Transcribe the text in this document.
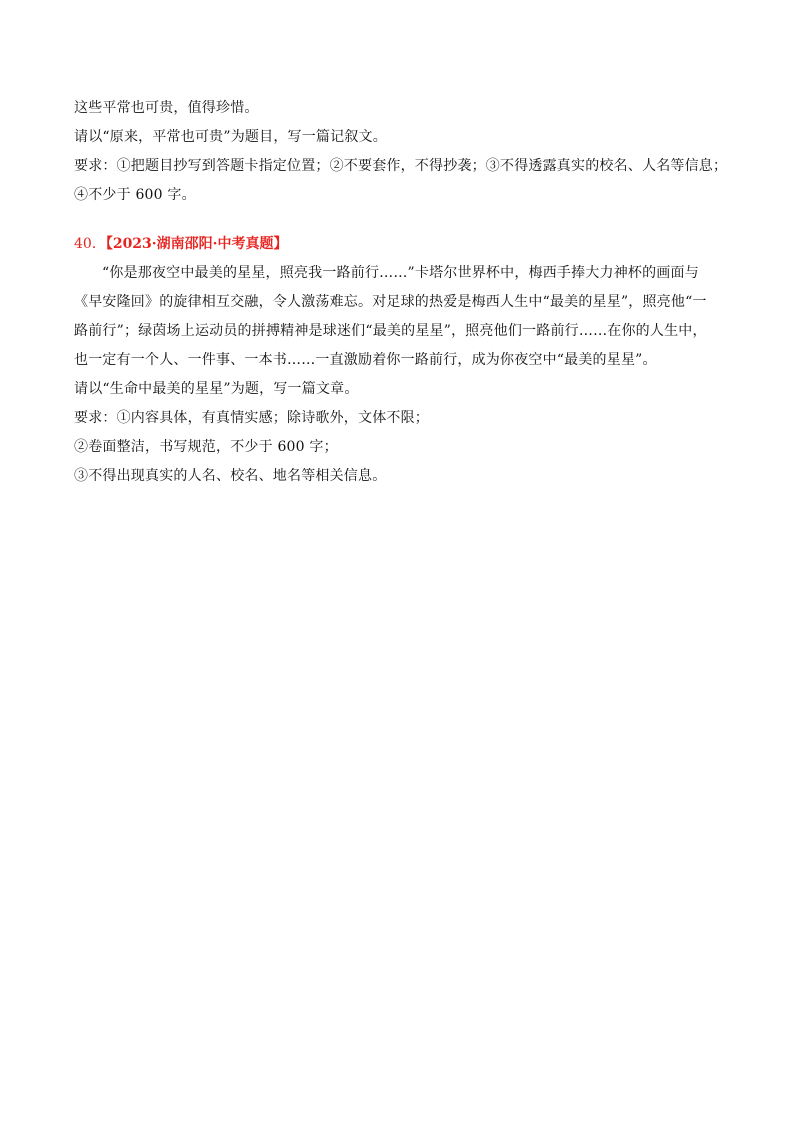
这些平常也可贵，值得珍惜。
请以“原来，平常也可贵”为题目，写一篇记叙文。
要求：①把题目抄写到答题卡指定位置；②不要套作，不得抄袭；③不得透露真实的校名、人名等信息；
④不少于 600 字。
40．【2023·湖南邵阳·中考真题】
“你是那夜空中最美的星星，照亮我一路前行……”卡塔尔世界杯中，梅西手捧大力神杯的画面与
《早安隆回》的旋律相互交融，令人激荡难忘。对足球的热爱是梅西人生中“最美的星星”，照亮他“一
路前行”；绿茵场上运动员的拼搏精神是球迷们“最美的星星”，照亮他们一路前行……在你的人生中，
也一定有一个人、一件事、一本书……一直激励着你一路前行，成为你夜空中“最美的星星”。
请以“生命中最美的星星”为题，写一篇文章。
要求：①内容具体，有真情实感；除诗歌外，文体不限；
②卷面整洁，书写规范，不少于 600 字；
③不得出现真实的人名、校名、地名等相关信息。
